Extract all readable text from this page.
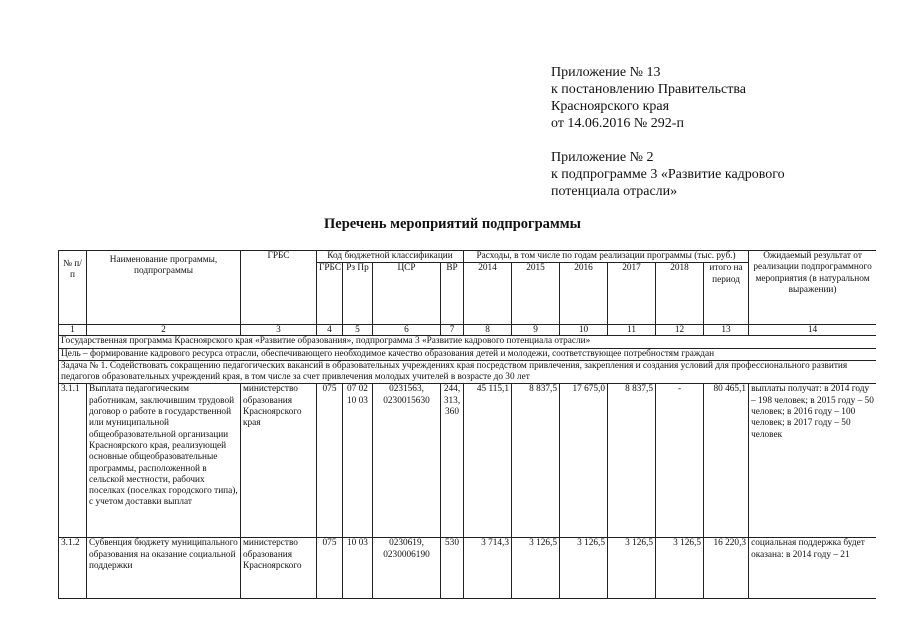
Приложение № 13
к постановлению Правительства
Красноярского края
от 14.06.2016 № 292-п
Приложение № 2
к подпрограмме 3 «Развитие кадрового
потенциала отрасли»
Перечень мероприятий подпрограммы
№ п/п	Наименование программы, подпрограммы	ГРБС	Код бюджетной классификации				Расходы, в том числе по годам реализации программы (тыс. руб.)						Ожидаемый результат от реализации подпрограммного мероприятия (в натуральном выражении)
			ГРБС	Рз Пр	ЦСР	ВР	2014	2015	2016	2017	2018	итого на период	
1	2	3	4	5	6	7	8	9	10	11	12	13	14
Государственная программа Красноярского края «Развитие образования», подпрограмма 3 «Развитие кадрового потенциала отрасли»													
Цель – формирование кадрового ресурса отрасли, обеспечивающего необходимое качество образования детей и молодежи, соответствующее потребностям граждан													
Задача № 1. Содействовать сокращению педагогических вакансий в образовательных учреждениях края посредством привлечения, закрепления и создания условий для профессионального развития педагогов образовательных учреждений края, в том числе за счет привлечения молодых учителей в возрасте до 30 лет													
3.1.1	Выплата педагогическим работникам, заключившим трудовой договор о работе в государственной или муниципальной общеобразовательной организации Красноярского края, реализующей основные общеобразовательные программы, расположенной в сельской местности, рабочих поселках (поселках городского типа), с учетом доставки выплат	министерство образования Красноярского края	075	07 02 10 03	0231563, 0230015630	244, 313, 360	45 115,1	8 837,5	17 675,0	8 837,5	-	80 465,1	выплаты получат: в 2014 году – 198 человек; в 2015 году – 50 человек; в 2016 году – 100 человек; в 2017 году – 50 человек
3.1.2	Субвенция бюджету муниципального образования на оказание социальной поддержки	министерство образования Красноярского	075	10 03	0230619, 0230006190	530	3 714,3	3 126,5	3 126,5	3 126,5	3 126,5	16 220,3	социальная поддержка будет оказана: в 2014 году – 21
